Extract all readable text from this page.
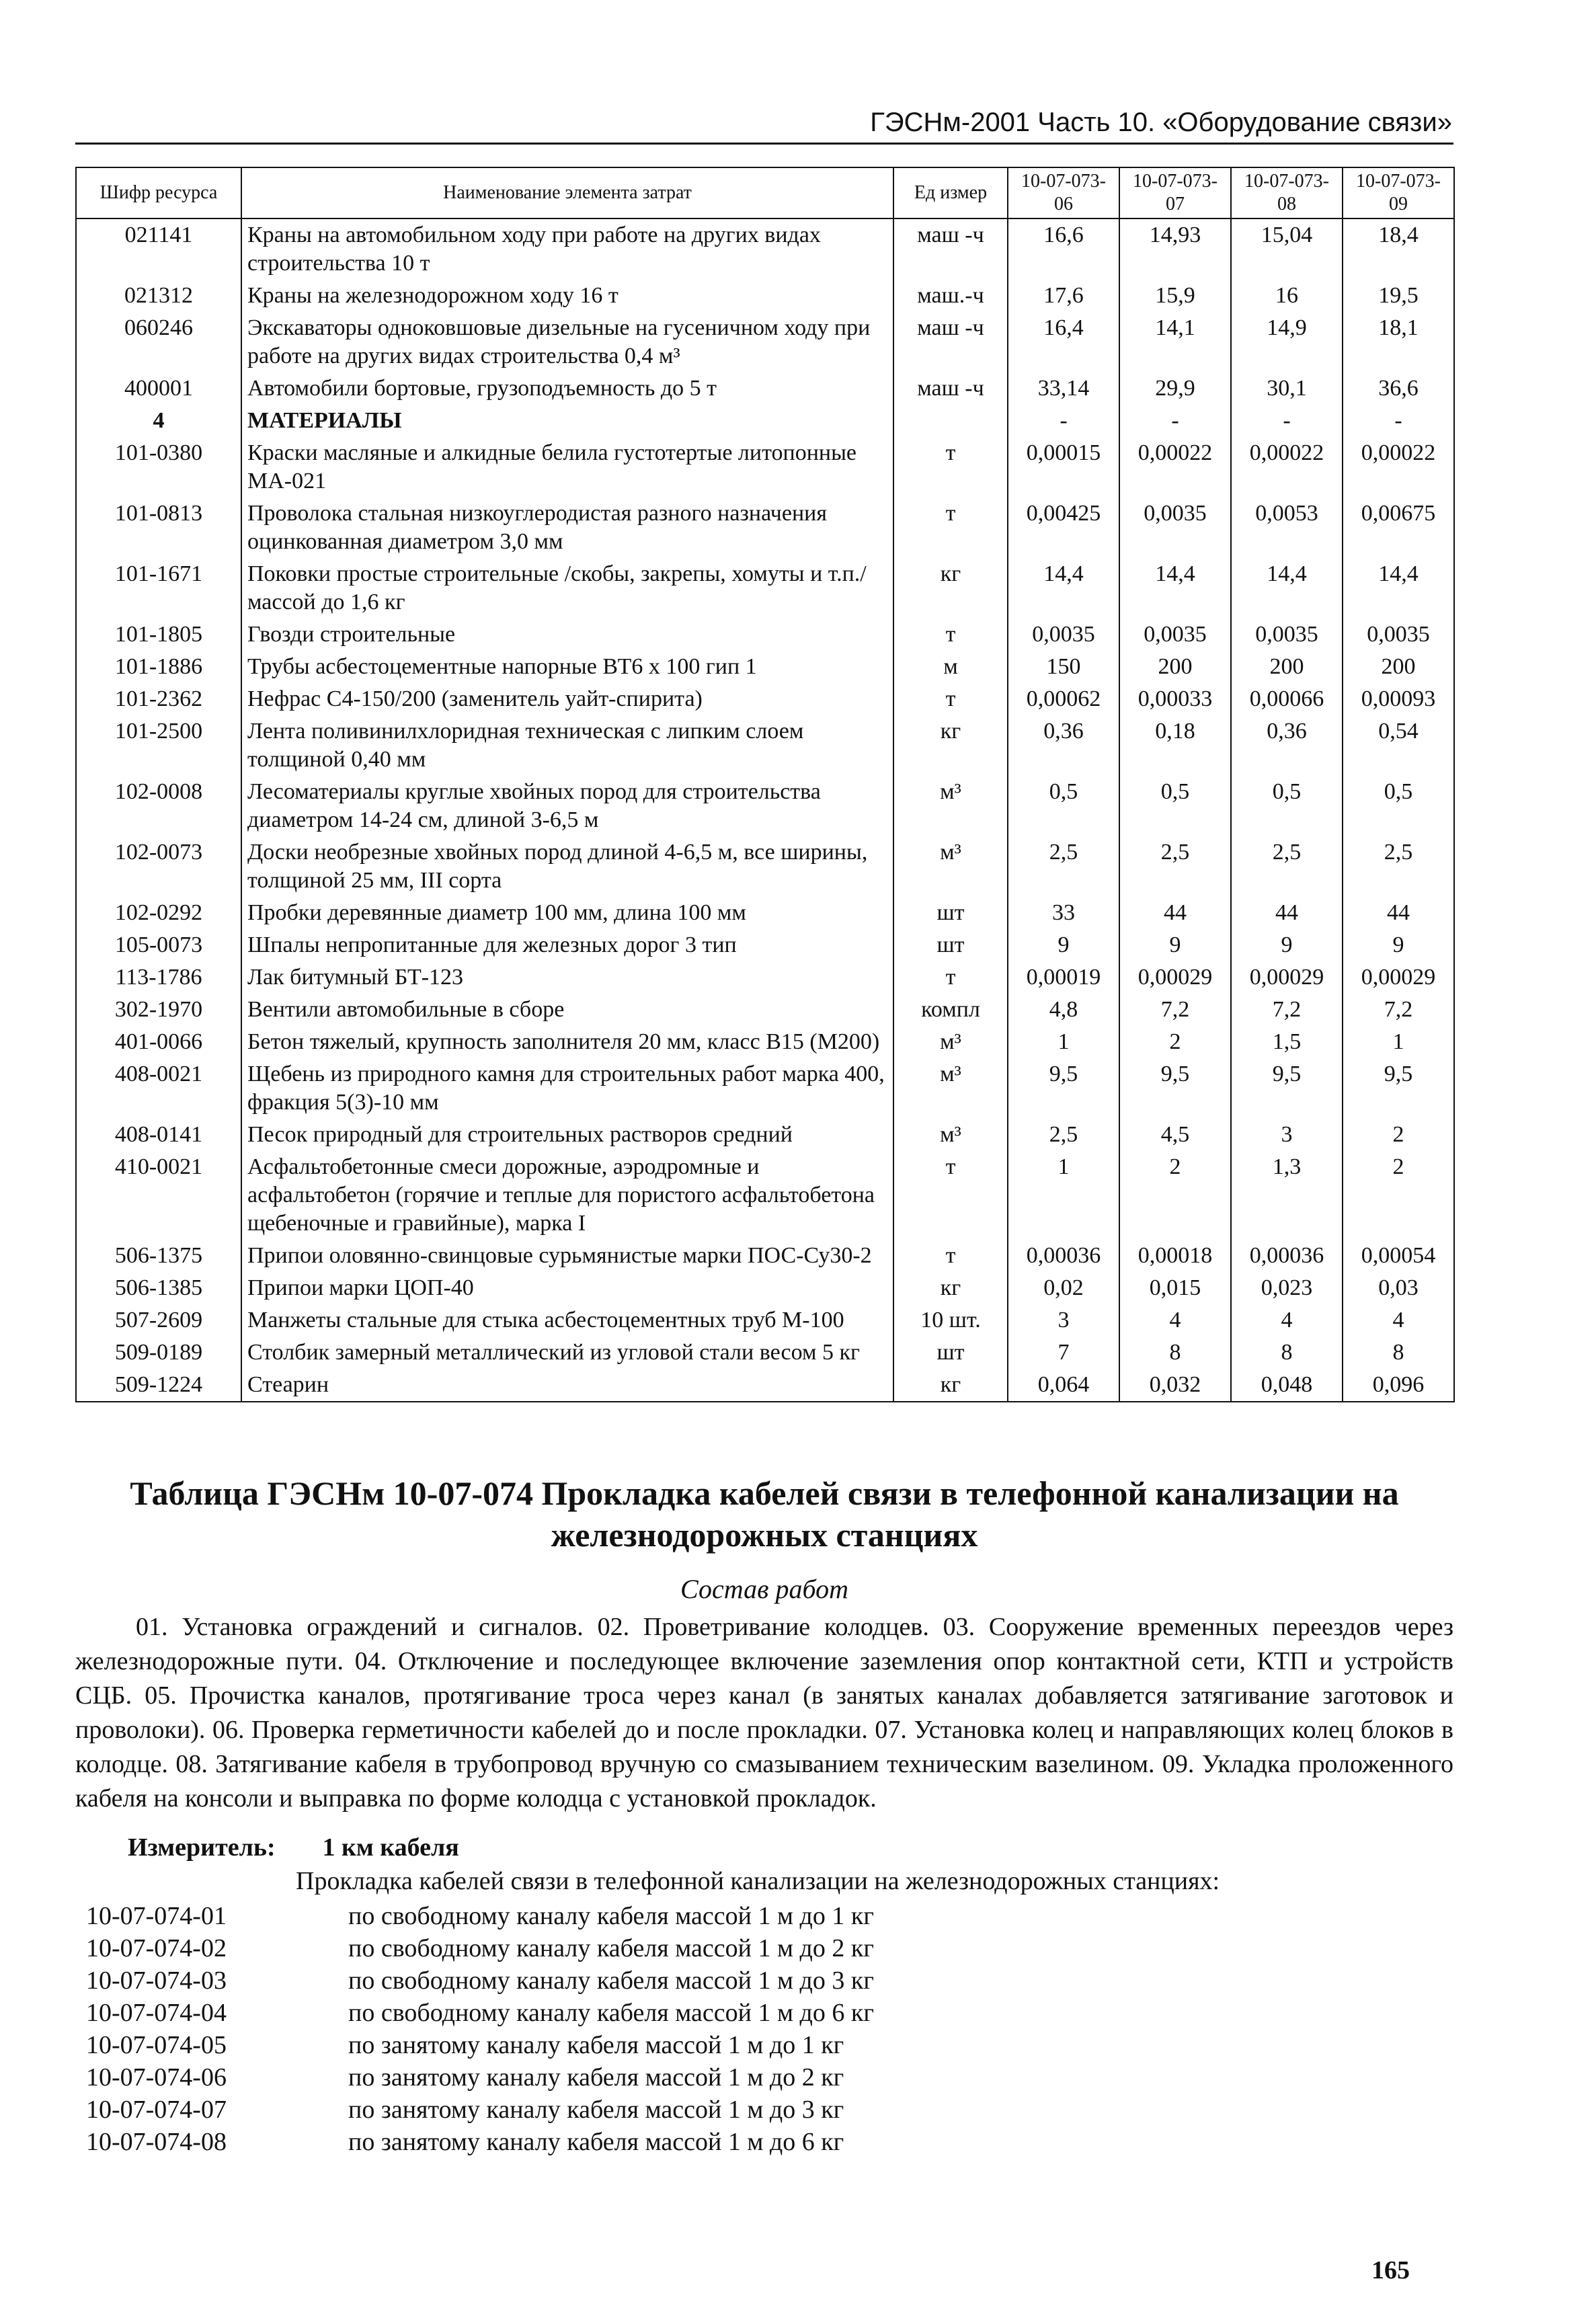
ГЭСНм-2001 Часть 10. «Оборудование связи»
Шифр ресурса	Наименование элемента затрат	Ед измер	10-07-073-06	10-07-073-07	10-07-073-08	10-07-073-09
021141	Краны на автомобильном ходу при работе на других видах строительства 10 т	маш -ч	16,6	14,93	15,04	18,4
021312	Краны на железнодорожном ходу 16 т	маш.-ч	17,6	15,9	16	19,5
060246	Экскаваторы одноковшовые дизельные на гусеничном ходу при работе на других видах строительства 0,4 м³	маш -ч	16,4	14,1	14,9	18,1
400001	Автомобили бортовые, грузоподъемность до 5 т	маш -ч	33,14	29,9	30,1	36,6
4	МАТЕРИАЛЫ		-	-	-	-
101-0380	Краски масляные и алкидные белила густотертые литопонные МА-021	т	0,00015	0,00022	0,00022	0,00022
101-0813	Проволока стальная низкоуглеродистая разного назначения оцинкованная диаметром 3,0 мм	т	0,00425	0,0035	0,0053	0,00675
101-1671	Поковки простые строительные /скобы, закрепы, хомуты и т.п./ массой до 1,6 кг	кг	14,4	14,4	14,4	14,4
101-1805	Гвозди строительные	т	0,0035	0,0035	0,0035	0,0035
101-1886	Трубы асбестоцементные напорные ВТ6 х 100 гип 1	м	150	200	200	200
101-2362	Нефрас С4-150/200 (заменитель уайт-спирита)	т	0,00062	0,00033	0,00066	0,00093
101-2500	Лента поливинилхлоридная техническая с липким слоем толщиной 0,40 мм	кг	0,36	0,18	0,36	0,54
102-0008	Лесоматериалы круглые хвойных пород для строительства диаметром 14-24 см, длиной 3-6,5 м	м³	0,5	0,5	0,5	0,5
102-0073	Доски необрезные хвойных пород длиной 4-6,5 м, все ширины, толщиной 25 мм, III сорта	м³	2,5	2,5	2,5	2,5
102-0292	Пробки деревянные диаметр 100 мм, длина 100 мм	шт	33	44	44	44
105-0073	Шпалы непропитанные для железных дорог 3 тип	шт	9	9	9	9
113-1786	Лак битумный БТ-123	т	0,00019	0,00029	0,00029	0,00029
302-1970	Вентили автомобильные в сборе	компл	4,8	7,2	7,2	7,2
401-0066	Бетон тяжелый, крупность заполнителя 20 мм, класс В15 (М200)	м³	1	2	1,5	1
408-0021	Щебень из природного камня для строительных работ марка 400, фракция 5(3)-10 мм	м³	9,5	9,5	9,5	9,5
408-0141	Песок природный для строительных растворов средний	м³	2,5	4,5	3	2
410-0021	Асфальтобетонные смеси дорожные, аэродромные и асфальтобетон (горячие и теплые для пористого асфальтобетона щебеночные и гравийные), марка I	т	1	2	1,3	2
506-1375	Припои оловянно-свинцовые сурьмянистые марки ПОС-Су30-2	т	0,00036	0,00018	0,00036	0,00054
506-1385	Припои марки ЦОП-40	кг	0,02	0,015	0,023	0,03
507-2609	Манжеты стальные для стыка асбестоцементных труб М-100	10 шт.	3	4	4	4
509-0189	Столбик замерный металлический из угловой стали весом 5 кг	шт	7	8	8	8
509-1224	Стеарин	кг	0,064	0,032	0,048	0,096
Таблица ГЭСНм 10-07-074 Прокладка кабелей связи в телефонной канализации на железнодорожных станциях
Состав работ
01. Установка ограждений и сигналов. 02. Проветривание колодцев. 03. Сооружение временных переездов через железнодорожные пути. 04. Отключение и последующее включение заземления опор контактной сети, КТП и устройств СЦБ. 05. Прочистка каналов, протягивание троса через канал (в занятых каналах добавляется затягивание заготовок и проволоки). 06. Проверка герметичности кабелей до и после прокладки. 07. Установка колец и направляющих колец блоков в колодце. 08. Затягивание кабеля в трубопровод вручную со смазыванием техническим вазелином. 09. Укладка проложенного кабеля на консоли и выправка по форме колодца с установкой прокладок.
Измеритель: 1 км кабеля
Прокладка кабелей связи в телефонной канализации на железнодорожных станциях:
10-07-074-01	по свободному каналу кабеля массой 1 м до 1 кг
10-07-074-02	по свободному каналу кабеля массой 1 м до 2 кг
10-07-074-03	по свободному каналу кабеля массой 1 м до 3 кг
10-07-074-04	по свободному каналу кабеля массой 1 м до 6 кг
10-07-074-05	по занятому каналу кабеля массой 1 м до 1 кг
10-07-074-06	по занятому каналу кабеля массой 1 м до 2 кг
10-07-074-07	по занятому каналу кабеля массой 1 м до 3 кг
10-07-074-08	по занятому каналу кабеля массой 1 м до 6 кг
165
